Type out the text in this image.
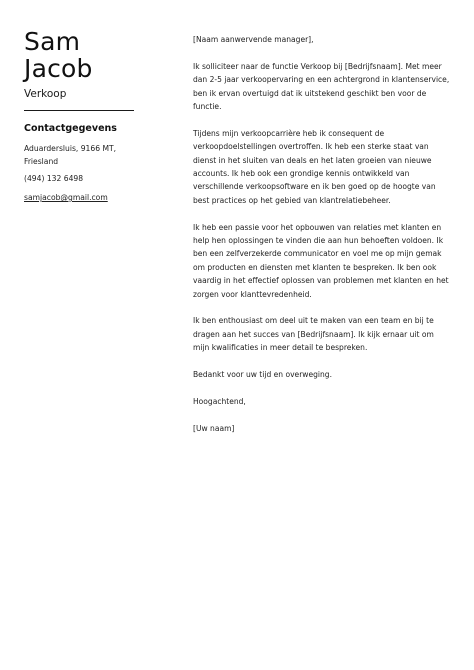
Sam
Jacob
Verkoop
Contactgegevens
Aduardersluis, 9166 MT, Friesland
(494) 132 6498
samjacob@gmail.com

[Naam aanwervende manager],

Ik solliciteer naar de functie Verkoop bij [Bedrijfsnaam]. Met meer dan 2-5 jaar verkoopervaring en een achtergrond in klantenservice, ben ik ervan overtuigd dat ik uitstekend geschikt ben voor de functie.

Tijdens mijn verkoopcarrière heb ik consequent de verkoopdoelstellingen overtroffen. Ik heb een sterke staat van dienst in het sluiten van deals en het laten groeien van nieuwe accounts. Ik heb ook een grondige kennis ontwikkeld van verschillende verkoopsoftware en ik ben goed op de hoogte van best practices op het gebied van klantrelatiebeheer.

Ik heb een passie voor het opbouwen van relaties met klanten en help hen oplossingen te vinden die aan hun behoeften voldoen. Ik ben een zelfverzekerde communicator en voel me op mijn gemak om producten en diensten met klanten te bespreken. Ik ben ook vaardig in het effectief oplossen van problemen met klanten en het zorgen voor klanttevredenheid.

Ik ben enthousiast om deel uit te maken van een team en bij te dragen aan het succes van [Bedrijfsnaam]. Ik kijk ernaar uit om mijn kwalificaties in meer detail te bespreken.

Bedankt voor uw tijd en overweging.

Hoogachtend,

[Uw naam]
